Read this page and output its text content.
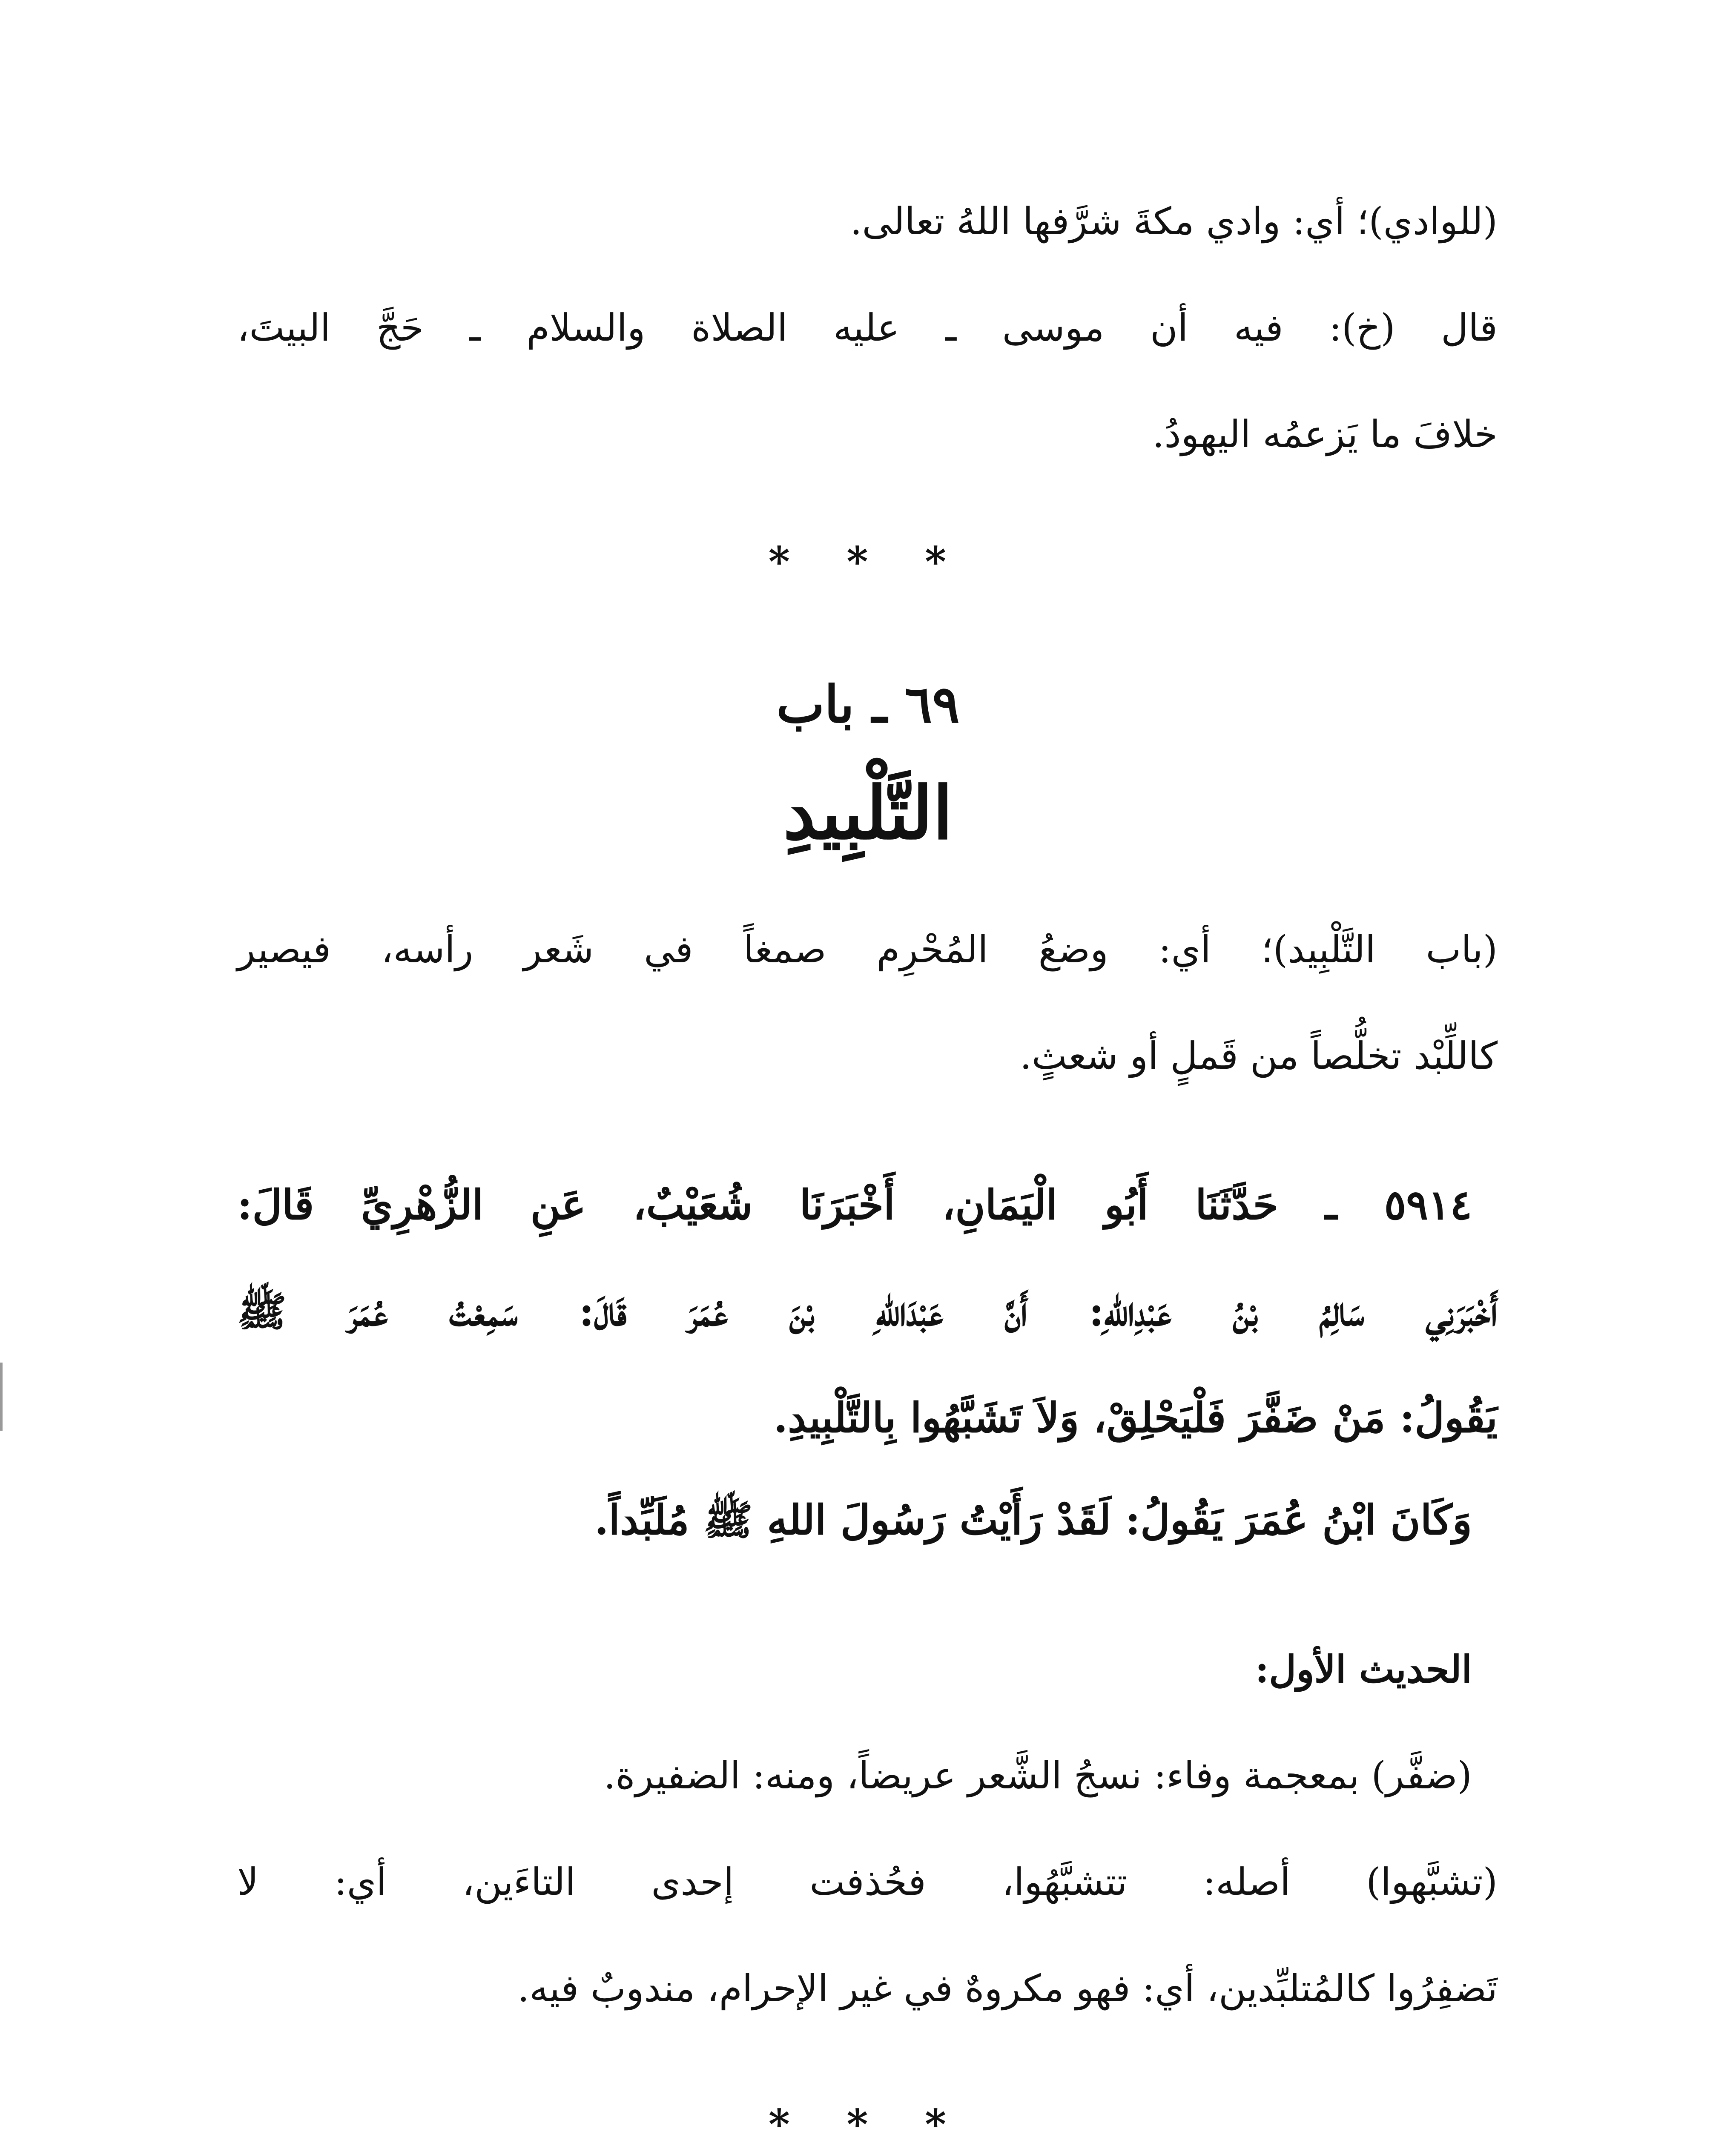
(للوادي)؛ أي: وادي مكةَ شرَّفها اللهُ تعالى.
قال (خ): فيه أن موسى ـ عليه الصلاة والسلام ـ حَجَّ البيتَ،
خلافَ ما يَزعمُه اليهودُ.
* * *
٦٩ ـ باب
التَّلْبِيدِ
(باب التَّلْبِيد)؛ أي: وضعُ المُحْرِم صمغاً في شَعر رأسه، فيصير
كاللِّبْد تخلُّصاً من قَملٍ أو شعثٍ.
٥٩١٤ ـ حَدَّثَنَا أَبُو الْيَمَانِ، أَخْبَرَنَا شُعَيْبٌ، عَنِ الزُّهْرِيِّ قَالَ:
أَخْبَرَنِي سَالِمُ بْنُ عَبْدِاللهِ: أَنَّ عَبْدَاللهِ بْنَ عُمَرَ قَالَ: سَمِعْتُ عُمَرَ ﷺ
يَقُولُ: مَنْ ضَفَّرَ فَلْيَحْلِقْ، وَلاَ تَشَبَّهُوا بِالتَّلْبِيدِ.
وَكَانَ ابْنُ عُمَرَ يَقُولُ: لَقَدْ رَأَيْتُ رَسُولَ اللهِ ﷺ مُلَبِّداً.
الحديث الأول:
(ضفَّر) بمعجمة وفاء: نسجُ الشَّعر عريضاً، ومنه: الضفيرة.
(تشبَّهوا) أصله: تتشبَّهُوا، فحُذفت إحدى التاءَين، أي: لا
تَضفِرُوا كالمُتلبِّدين، أي: فهو مكروهٌ في غير الإحرام، مندوبٌ فيه.
* * *
